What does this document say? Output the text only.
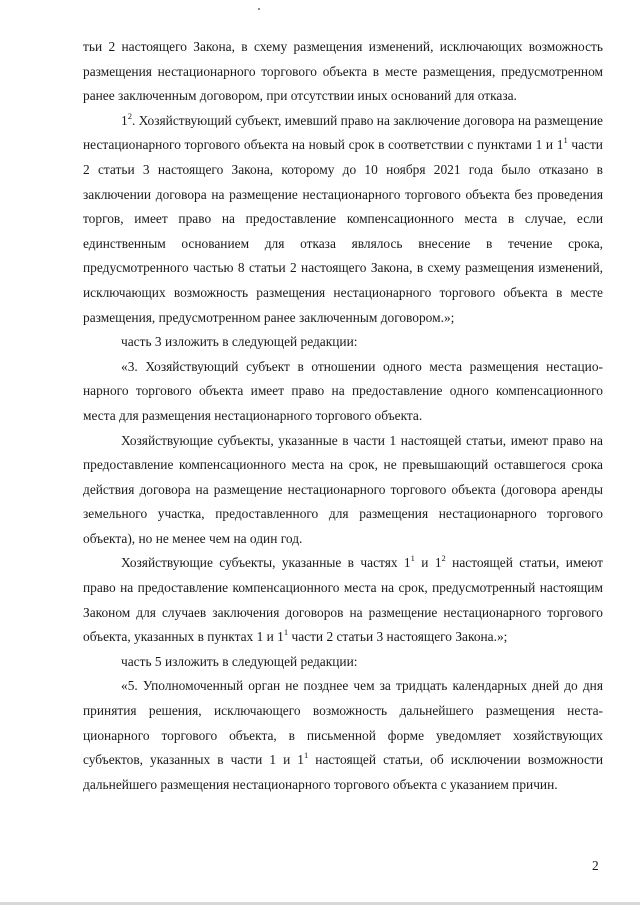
тьи 2 настоящего Закона, в схему размещения изменений, исключающих возможность размещения нестационарного торгового объекта в месте размещения, предусмотренном ранее заключенным договором, при отсутствии иных оснований для отказа.

$1^2$. Хозяйствующий субъект, имевший право на заключение договора на размещение нестационарного торгового объекта на новый срок в соответствии с пунктами 1 и $1^1$ части 2 статьи 3 настоящего Закона, которому до 10 ноября 2021 года было отказано в заключении договора на размещение нестационарного торгового объекта без проведения торгов, имеет право на предоставление компенсационного места в случае, если единственным основанием для отказа являлось внесение в течение срока, предусмотренного частью 8 статьи 2 настоящего Закона, в схему размещения изменений, исключающих возможность размещения нестационарного торгового объекта в месте размещения, предусмотренном ранее заключенным договором.»;

часть 3 изложить в следующей редакции:

«3. Хозяйствующий субъект в отношении одного места размещения нестационарного торгового объекта имеет право на предоставление одного компенсационного места для размещения нестационарного торгового объекта.

Хозяйствующие субъекты, указанные в части 1 настоящей статьи, имеют право на предоставление компенсационного места на срок, не превышающий оставшегося срока действия договора на размещение нестационарного торгового объекта (договора аренды земельного участка, предоставленного для размещения нестационарного торгового объекта), но не менее чем на один год.

Хозяйствующие субъекты, указанные в частях $1^1$ и $1^2$ настоящей статьи, имеют право на предоставление компенсационного места на срок, предусмотренный настоящим Законом для случаев заключения договоров на размещение нестационарного торгового объекта, указанных в пунктах 1 и $1^1$ части 2 статьи 3 настоящего Закона.»;

часть 5 изложить в следующей редакции:

«5. Уполномоченный орган не позднее чем за тридцать календарных дней до дня принятия решения, исключающего возможность дальнейшего размещения нестационарного торгового объекта, в письменной форме уведомляет хозяйствующих субъектов, указанных в части 1 и $1^1$ настоящей статьи, об исключении возможности дальнейшего размещения нестационарного торгового объекта с указанием причин.

2
